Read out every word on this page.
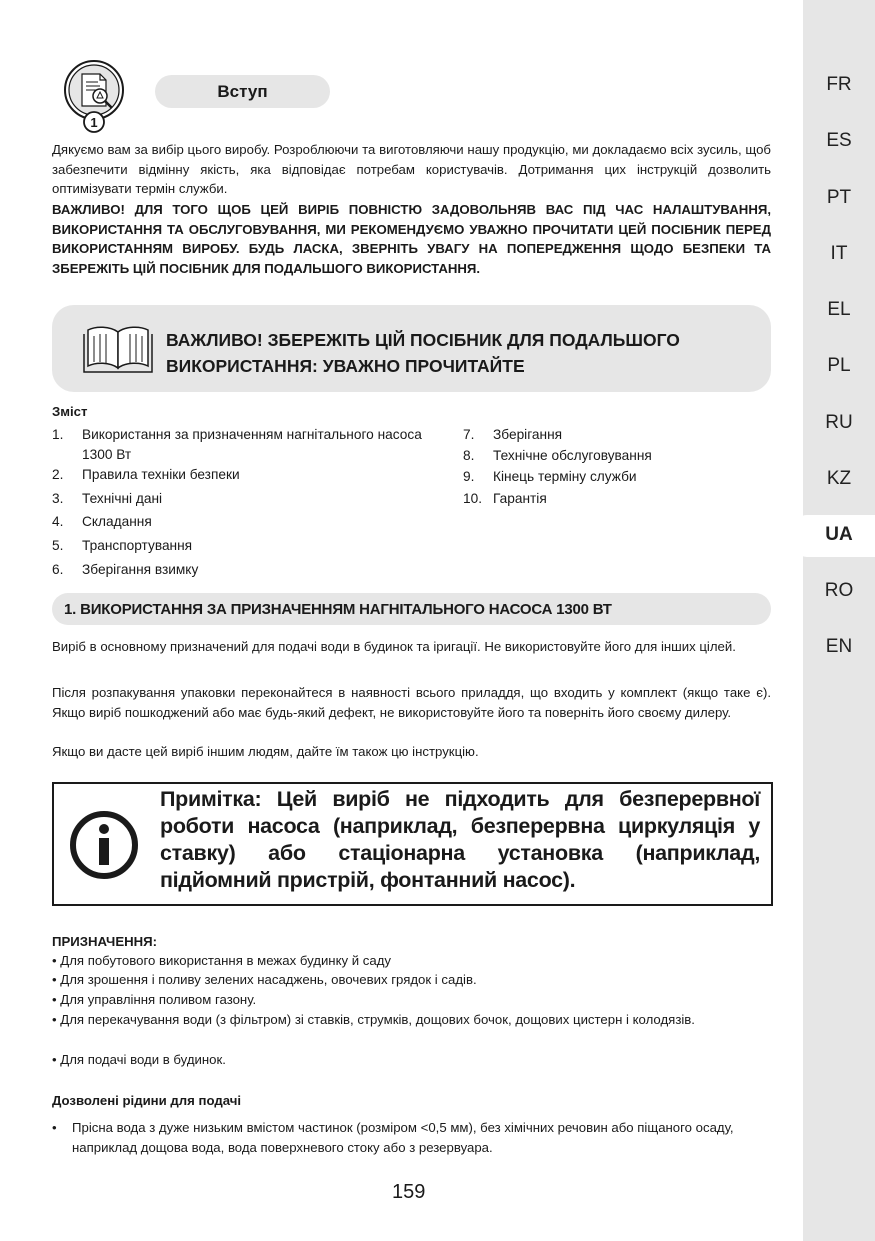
FR
ES
PT
IT
EL
PL
RU
KZ
UA
RO
EN
1
Вступ
Дякуємо вам за вибір цього виробу. Розроблюючи та виготовляючи нашу продукцію, ми докладаємо всіх зусиль, щоб забезпечити відмінну якість, яка відповідає потребам користувачів. Дотримання цих інструкцій дозволить оптимізувати термін служби.
ВАЖЛИВО! ДЛЯ ТОГО ЩОБ ЦЕЙ ВИРІБ ПОВНІСТЮ ЗАДОВОЛЬНЯВ ВАС ПІД ЧАС НАЛАШТУВАННЯ, ВИКОРИСТАННЯ ТА ОБСЛУГОВУВАННЯ, МИ РЕКОМЕНДУЄМО УВАЖНО ПРОЧИТАТИ ЦЕЙ ПОСІБНИК ПЕРЕД ВИКОРИСТАННЯМ ВИРОБУ. БУДЬ ЛАСКА, ЗВЕРНІТЬ УВАГУ НА ПОПЕРЕДЖЕННЯ ЩОДО БЕЗПЕКИ ТА ЗБЕРЕЖІТЬ ЦІЙ ПОСІБНИК ДЛЯ ПОДАЛЬШОГО ВИКОРИСТАННЯ.
ВАЖЛИВО! ЗБЕРЕЖІТЬ ЦІЙ ПОСІБНИК ДЛЯ ПОДАЛЬШОГО
ВИКОРИСТАННЯ: УВАЖНО ПРОЧИТАЙТЕ
Зміст
1. Використання за призначенням нагнітального насоса 1300 Вт
2. Правила техніки безпеки
3. Технічні дані
4. Складання
5. Транспортування
6. Зберігання взимку
7. Зберігання
8. Технічне обслуговування
9. Кінець терміну служби
10. Гарантія
1. ВИКОРИСТАННЯ ЗА ПРИЗНАЧЕННЯМ НАГНІТАЛЬНОГО НАСОСА 1300 ВТ
Виріб в основному призначений для подачі води в будинок та іригації. Не використовуйте його для інших цілей.
Після розпакування упаковки переконайтеся в наявності всього приладдя, що входить у комплект (якщо таке є). Якщо виріб пошкоджений або має будь-який дефект, не використовуйте його та поверніть його своєму дилеру.
Якщо ви дасте цей виріб іншим людям, дайте їм також цю інструкцію.
Примітка: Цей виріб не підходить для безперервної роботи насоса (наприклад, безперервна циркуляція у ставку) або стаціонарна установка (наприклад, підйомний пристрій, фонтанний насос).
ПРИЗНАЧЕННЯ:
• Для побутового використання в межах будинку й саду
• Для зрошення і поливу зелених насаджень, овочевих грядок і садів.
• Для управління поливом газону.
• Для перекачування води (з фільтром) зі ставків, струмків, дощових бочок, дощових цистерн і колодязів.
• Для подачі води в будинок.
Дозволені рідини для подачі
•	Прісна вода з дуже низьким вмістом частинок (розміром <0,5 мм), без хімічних речовин або піщаного осаду, наприклад дощова вода, вода поверхневого стоку або з резервуара.
159
